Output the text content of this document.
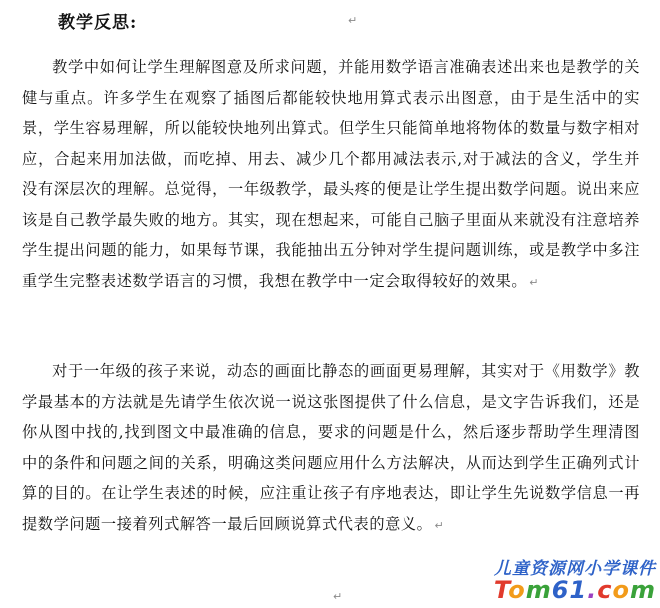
教学反思:	↵

教学中如何让学生理解图意及所求问题，并能用数学语言准确表述出来也是教学的关健与重点。许多学生在观察了插图后都能较快地用算式表示出图意，由于是生活中的实景，学生容易理解，所以能较快地列出算式。但学生只能简单地将物体的数量与数字相对应，合起来用加法做，而吃掉、用去、减少几个都用减法表示,对于减法的含义，学生并没有深层次的理解。总觉得，一年级教学，最头疼的便是让学生提出数学问题。说出来应该是自己教学最失败的地方。其实，现在想起来，可能自己脑子里面从来就没有注意培养学生提出问题的能力，如果每节课，我能抽出五分钟对学生提问题训练，或是教学中多注重学生完整表述数学语言的习惯，我想在教学中一定会取得较好的效果。 ↵

对于一年级的孩子来说，动态的画面比静态的画面更易理解，其实对于《用数学》教学最基本的方法就是先请学生依次说一说这张图提供了什么信息，是文字告诉我们，还是你从图中找的,找到图文中最准确的信息，要求的问题是什么，然后逐步帮助学生理清图中的条件和问题之间的关系，明确这类问题应用什么方法解决，从而达到学生正确列式计算的目的。在让学生表述的时候，应注重让孩子有序地表达，即让学生先说数学信息一再提数学问题一接着列式解答一最后回顾说算式代表的意义。 ↵

↵
儿童资源网小学课件
Tom61.com
